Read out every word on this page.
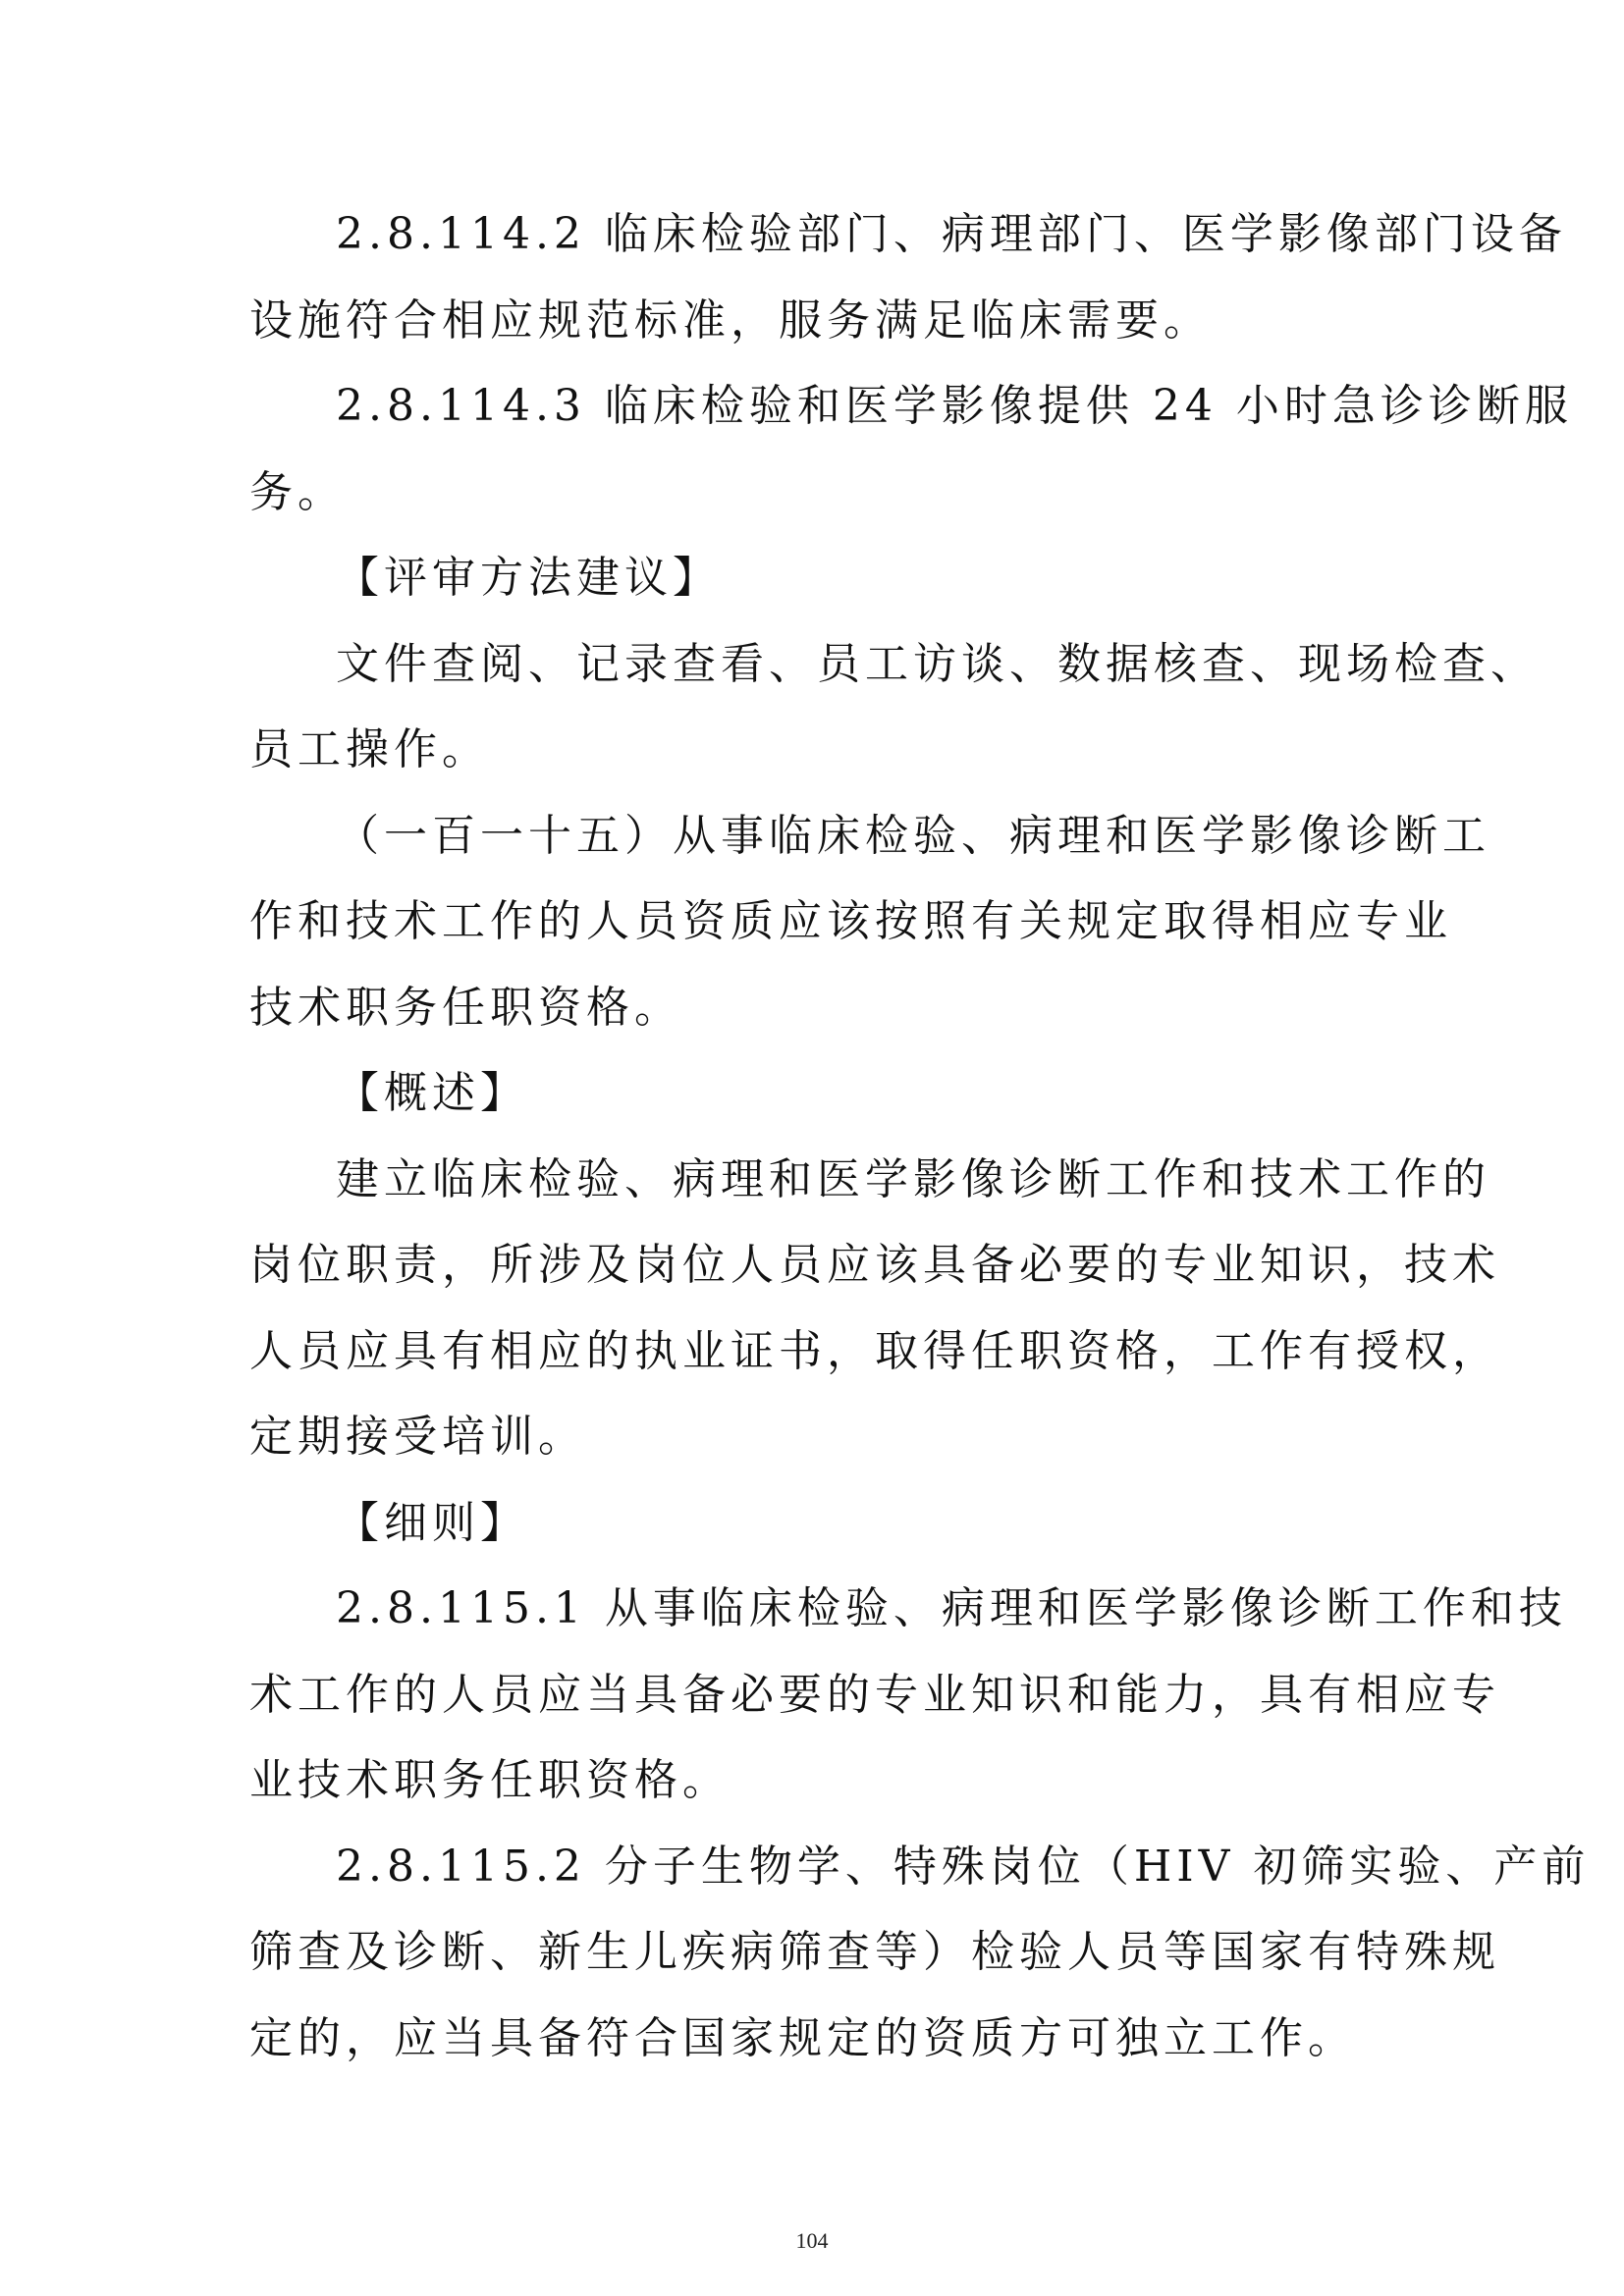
2.8.114.2 临床检验部门、病理部门、医学影像部门设备
设施符合相应规范标准，服务满足临床需要。
2.8.114.3 临床检验和医学影像提供 24 小时急诊诊断服
务。
【评审方法建议】
文件查阅、记录查看、员工访谈、数据核查、现场检查、
员工操作。
（一百一十五）从事临床检验、病理和医学影像诊断工
作和技术工作的人员资质应该按照有关规定取得相应专业
技术职务任职资格。
【概述】
建立临床检验、病理和医学影像诊断工作和技术工作的
岗位职责，所涉及岗位人员应该具备必要的专业知识，技术
人员应具有相应的执业证书，取得任职资格，工作有授权，
定期接受培训。
【细则】
2.8.115.1 从事临床检验、病理和医学影像诊断工作和技
术工作的人员应当具备必要的专业知识和能力，具有相应专
业技术职务任职资格。
2.8.115.2 分子生物学、特殊岗位（HIV 初筛实验、产前
筛查及诊断、新生儿疾病筛查等）检验人员等国家有特殊规
定的，应当具备符合国家规定的资质方可独立工作。
104
